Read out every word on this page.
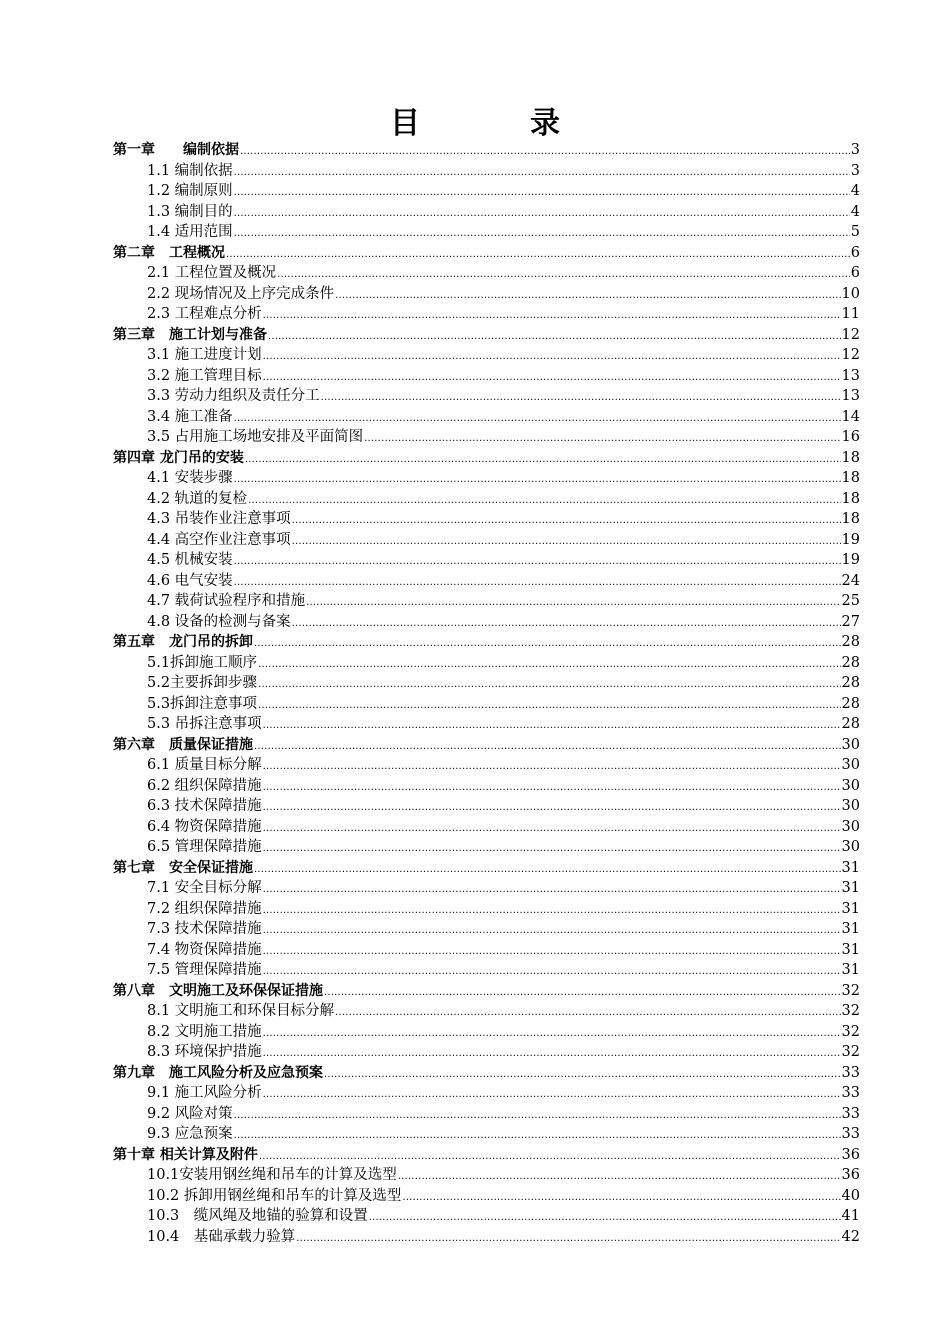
目　录
第一章　　编制依据 .....	3
1.1 编制依据 .....	3
1.2 编制原则 .....	4
1.3 编制目的 .....	4
1.4 适用范围 .....	5
第二章　工程概况 .....	6
2.1 工程位置及概况 .....	6
2.2 现场情况及上序完成条件 .....	10
2.3 工程难点分析 .....	11
第三章　施工计划与准备 .....	12
3.1 施工进度计划 .....	12
3.2 施工管理目标 .....	13
3.3 劳动力组织及责任分工 .....	13
3.4 施工准备 .....	14
3.5 占用施工场地安排及平面简图 .....	16
第四章 龙门吊的安装 .....	18
4.1 安装步骤 .....	18
4.2 轨道的复检 .....	18
4.3 吊装作业注意事项 .....	18
4.4 高空作业注意事项 .....	19
4.5 机械安装 .....	19
4.6 电气安装 .....	24
4.7 载荷试验程序和措施 .....	25
4.8 设备的检测与备案 .....	27
第五章　龙门吊的拆卸 .....	28
5.1拆卸施工顺序 .....	28
5.2主要拆卸步骤 .....	28
5.3拆卸注意事项 .....	28
5.3 吊拆注意事项 .....	28
第六章　质量保证措施 .....	30
6.1 质量目标分解 .....	30
6.2 组织保障措施 .....	30
6.3 技术保障措施 .....	30
6.4 物资保障措施 .....	30
6.5 管理保障措施 .....	30
第七章　安全保证措施 .....	31
7.1 安全目标分解 .....	31
7.2 组织保障措施 .....	31
7.3 技术保障措施 .....	31
7.4 物资保障措施 .....	31
7.5 管理保障措施 .....	31
第八章　文明施工及环保保证措施 .....	32
8.1 文明施工和环保目标分解 .....	32
8.2 文明施工措施 .....	32
8.3 环境保护措施 .....	32
第九章　施工风险分析及应急预案 .....	33
9.1 施工风险分析 .....	33
9.2 风险对策 .....	33
9.3 应急预案 .....	33
第十章 相关计算及附件 .....	36
10.1安装用钢丝绳和吊车的计算及选型 .....	36
10.2 拆卸用钢丝绳和吊车的计算及选型 .....	40
10.3　缆风绳及地锚的验算和设置 .....	41
10.4　基础承载力验算 .....	42
